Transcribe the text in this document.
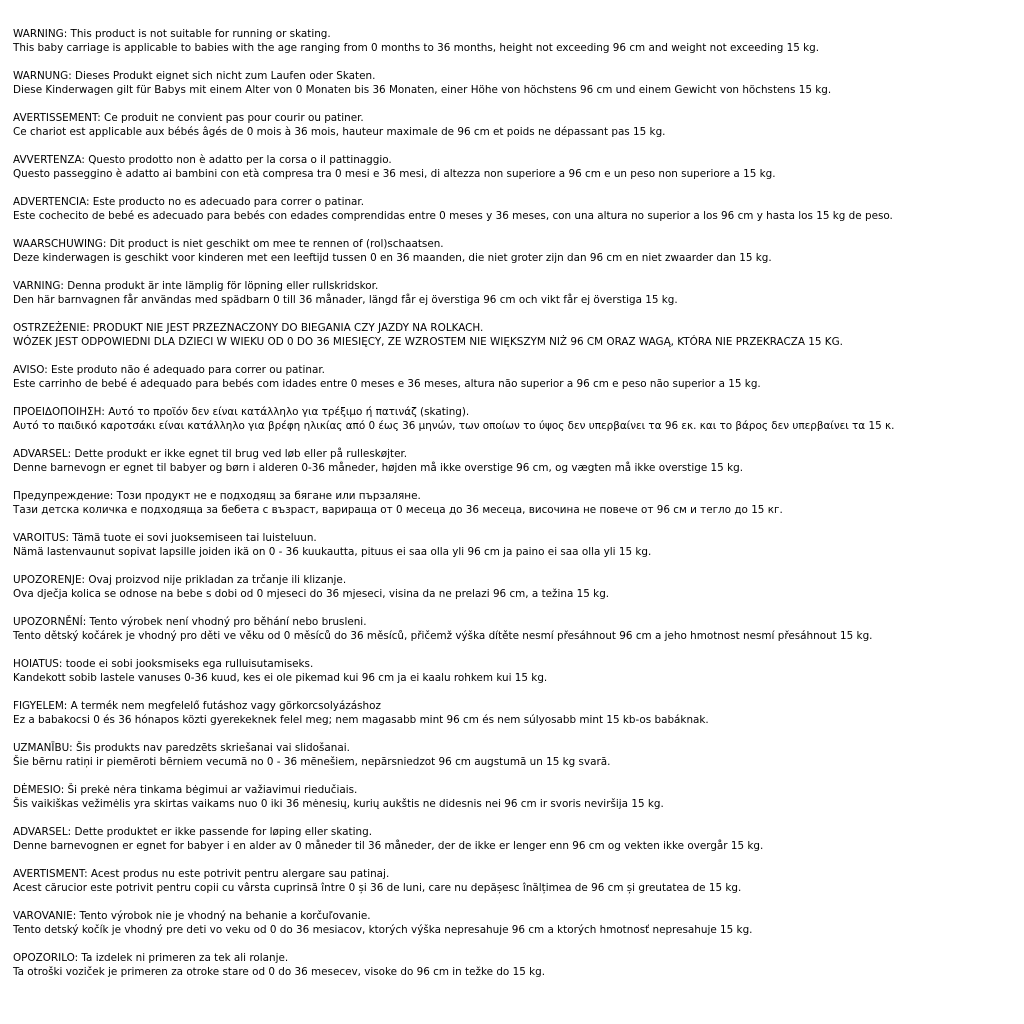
WARNING: This product is not suitable for running or skating.
This baby carriage is applicable to babies with the age ranging from 0 months to 36 months, height not exceeding 96 cm and weight not exceeding 15 kg.
WARNUNG: Dieses Produkt eignet sich nicht zum Laufen oder Skaten.
Diese Kinderwagen gilt für Babys mit einem Alter von 0 Monaten bis 36 Monaten, einer Höhe von höchstens 96 cm und einem Gewicht von höchstens 15 kg.
AVERTISSEMENT: Ce produit ne convient pas pour courir ou patiner.
Ce chariot est applicable aux bébés âgés de 0 mois à 36 mois, hauteur maximale de 96 cm et poids ne dépassant pas 15 kg.
AVVERTENZA: Questo prodotto non è adatto per la corsa o il pattinaggio.
Questo passeggino è adatto ai bambini con età compresa tra 0 mesi e 36 mesi, di altezza non superiore a 96 cm e un peso non superiore a 15 kg.
ADVERTENCIA: Este producto no es adecuado para correr o patinar.
Este cochecito de bebé es adecuado para bebés con edades comprendidas entre 0 meses y 36 meses, con una altura no superior a los 96 cm y hasta los 15 kg de peso.
WAARSCHUWING: Dit product is niet geschikt om mee te rennen of (rol)schaatsen.
Deze kinderwagen is geschikt voor kinderen met een leeftijd tussen 0 en 36 maanden, die niet groter zijn dan 96 cm en niet zwaarder dan 15 kg.
VARNING: Denna produkt är inte lämplig för löpning eller rullskridskor.
Den här barnvagnen får användas med spädbarn 0 till 36 månader, längd får ej överstiga 96 cm och vikt får ej överstiga 15 kg.
OSTRZEŻENIE: PRODUKT NIE JEST PRZEZNACZONY DO BIEGANIA CZY JAZDY NA ROLKACH.
WÓZEK JEST ODPOWIEDNI DLA DZIECI W WIEKU OD 0 DO 36 MIESIĘCY, ZE WZROSTEM NIE WIĘKSZYM NIŻ 96 CM ORAZ WAGĄ, KTÓRA NIE PRZEKRACZA 15 KG.
AVISO: Este produto não é adequado para correr ou patinar.
Este carrinho de bebé é adequado para bebés com idades entre 0 meses e 36 meses, altura não superior a 96 cm e peso não superior a 15 kg.
ΠΡΟΕΙΔΟΠΟΙΗΣΗ: Αυτό το προϊόν δεν είναι κατάλληλο για τρέξιμο ή πατινάζ (skating).
Αυτό το παιδικό καροτσάκι είναι κατάλληλο για βρέφη ηλικίας από 0 έως 36 μηνών, των οποίων το ύψος δεν υπερβαίνει τα 96 εκ. και το βάρος δεν υπερβαίνει τα 15 κ.
ADVARSEL: Dette produkt er ikke egnet til brug ved løb eller på rulleskøjter.
Denne barnevogn er egnet til babyer og børn i alderen 0-36 måneder, højden må ikke overstige 96 cm, og vægten må ikke overstige 15 kg.
Предупреждение: Този продукт не е подходящ за бягане или пързаляне.
Тази детска количка е подходяща за бебета с възраст, варираща от 0 месеца до 36 месеца, височина не повече от 96 см и тегло до 15 кг.
VAROITUS: Tämä tuote ei sovi juoksemiseen tai luisteluun.
Nämä lastenvaunut sopivat lapsille joiden ikä on 0 - 36 kuukautta, pituus ei saa olla yli 96 cm ja paino ei saa olla yli 15 kg.
UPOZORENJE: Ovaj proizvod nije prikladan za trčanje ili klizanje.
Ova dječja kolica se odnose na bebe s dobi od 0 mjeseci do 36 mjeseci, visina da ne prelazi 96 cm, a težina 15 kg.
UPOZORNĚNÍ: Tento výrobek není vhodný pro běhání nebo brusleni.
Tento dětský kočárek je vhodný pro děti ve věku od 0 měsíců do 36 měsíců, přičemž výška dítěte nesmí přesáhnout 96 cm a jeho hmotnost nesmí přesáhnout 15 kg.
HOIATUS: toode ei sobi jooksmiseks ega rulluisutamiseks.
Kandekott sobib lastele vanuses 0-36 kuud, kes ei ole pikemad kui 96 cm ja ei kaalu rohkem kui 15 kg.
FIGYELEM: A termék nem megfelelő futáshoz vagy görkorcsolyázáshoz
Ez a babakocsi 0 és 36 hónapos közti gyerekeknek felel meg; nem magasabb mint 96 cm és nem súlyosabb mint 15 kb-os babáknak.
UZMANĪBU: Šis produkts nav paredzēts skriešanai vai slidošanai.
Šie bērnu ratiņi ir piemēroti bērniem vecumā no 0 - 36 mēnešiem, nepārsniedzot 96 cm augstumā un 15 kg svarā.
DĖMESIO: Ši prekė nėra tinkama bėgimui ar važiavimui riedučiais.
Šis vaikiškas vežimėlis yra skirtas vaikams nuo 0 iki 36 mėnesių, kurių aukštis ne didesnis nei 96 cm ir svoris neviršija 15 kg.
ADVARSEL: Dette produktet er ikke passende for løping eller skating.
Denne barnevognen er egnet for babyer i en alder av 0 måneder til 36 måneder, der de ikke er lenger enn 96 cm og vekten ikke overgår 15 kg.
AVERTISMENT: Acest produs nu este potrivit pentru alergare sau patinaj.
Acest cărucior este potrivit pentru copii cu vârsta cuprinsă între 0 și 36 de luni, care nu depășesc înălțimea de 96 cm și greutatea de 15 kg.
VAROVANIE: Tento výrobok nie je vhodný na behanie a korčuľovanie.
Tento detský kočík je vhodný pre deti vo veku od 0 do 36 mesiacov, ktorých výška nepresahuje 96 cm a ktorých hmotnosť nepresahuje 15 kg.
OPOZORILO: Ta izdelek ni primeren za tek ali rolanje.
Ta otroški voziček je primeren za otroke stare od 0 do 36 mesecev, visoke do 96 cm in težke do 15 kg.
